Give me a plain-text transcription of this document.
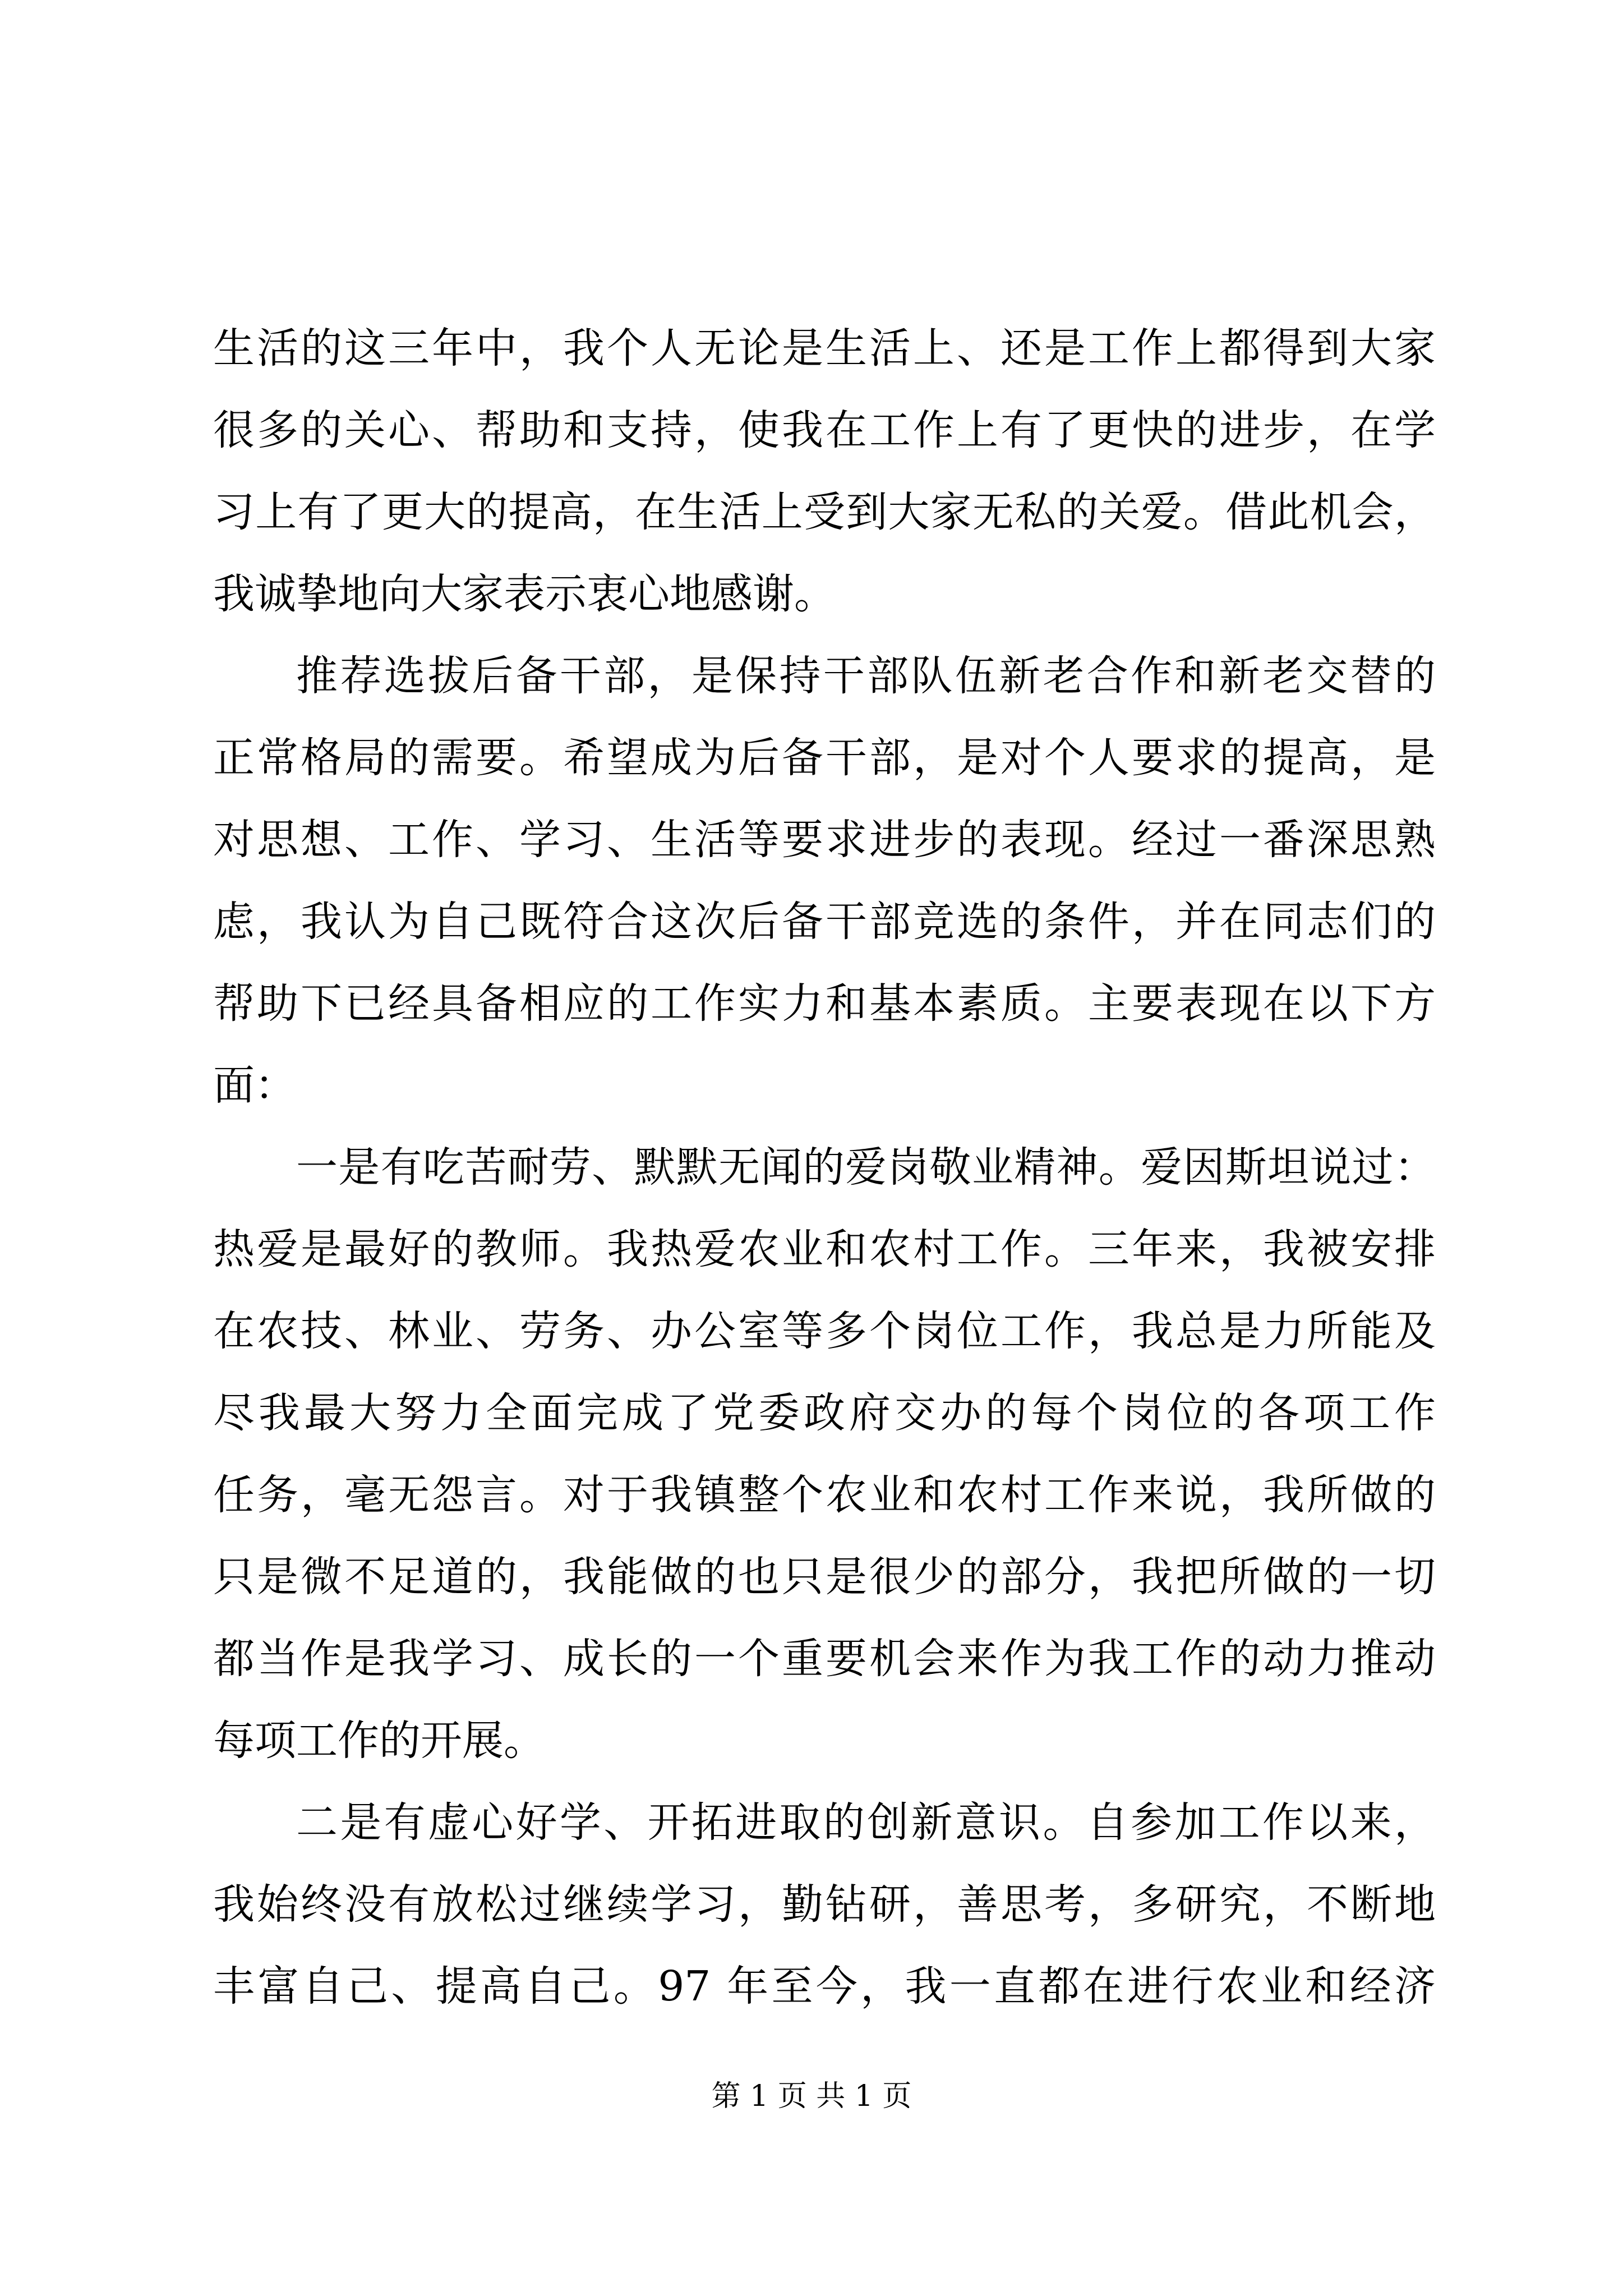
生活的这三年中，我个人无论是生活上、还是工作上都得到大家
很多的关心、帮助和支持，使我在工作上有了更快的进步，在学
习上有了更大的提高，在生活上受到大家无私的关爱。借此机会，
我诚挚地向大家表示衷心地感谢。
推荐选拔后备干部，是保持干部队伍新老合作和新老交替的
正常格局的需要。希望成为后备干部，是对个人要求的提高，是
对思想、工作、学习、生活等要求进步的表现。经过一番深思熟
虑，我认为自己既符合这次后备干部竞选的条件，并在同志们的
帮助下已经具备相应的工作实力和基本素质。主要表现在以下方
面：
一是有吃苦耐劳、默默无闻的爱岗敬业精神。爱因斯坦说过：
热爱是最好的教师。我热爱农业和农村工作。三年来，我被安排
在农技、林业、劳务、办公室等多个岗位工作，我总是力所能及
尽我最大努力全面完成了党委政府交办的每个岗位的各项工作
任务，毫无怨言。对于我镇整个农业和农村工作来说，我所做的
只是微不足道的，我能做的也只是很少的部分，我把所做的一切
都当作是我学习、成长的一个重要机会来作为我工作的动力推动
每项工作的开展。
二是有虚心好学、开拓进取的创新意识。自参加工作以来，
我始终没有放松过继续学习，勤钻研，善思考，多研究，不断地
丰富自己、提高自己。97 年至今，我一直都在进行农业和经济
第 1 页 共 1 页
